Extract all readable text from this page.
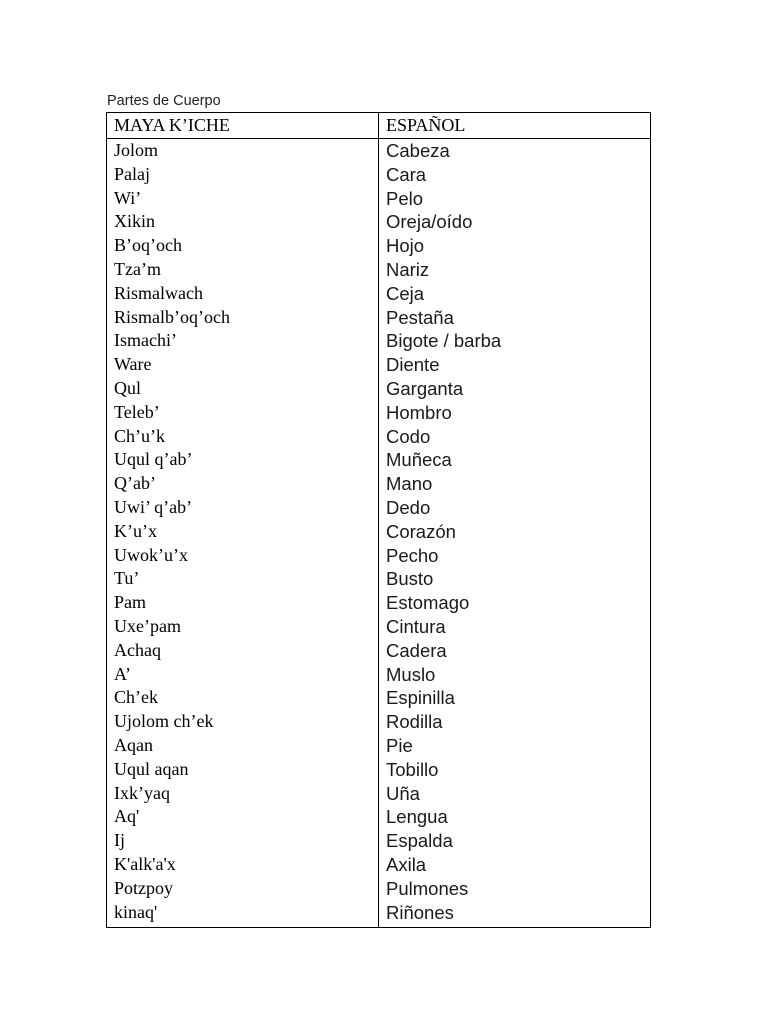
Partes de Cuerpo
MAYA K’ICHE	ESPAÑOL
Jolom	Cabeza
Palaj	Cara
Wi’	Pelo
Xikin	Oreja/oído
B’oq’och	Hojo
Tza’m	Nariz
Rismalwach	Ceja
Rismalb’oq’och	Pestaña
Ismachi’	Bigote / barba
Ware	Diente
Qul	Garganta
Teleb’	Hombro
Ch’u’k	Codo
Uqul q’ab’	Muñeca
Q’ab’	Mano
Uwi’ q’ab’	Dedo
K’u’x	Corazón
Uwok’u’x	Pecho
Tu’	Busto
Pam	Estomago
Uxe’pam	Cintura
Achaq	Cadera
A’	Muslo
Ch’ek	Espinilla
Ujolom ch’ek	Rodilla
Aqan	Pie
Uqul aqan	Tobillo
Ixk’yaq	Uña
Aq'	Lengua
Ij	Espalda
K'alk'a'x	Axila
Potzpoy	Pulmones
kinaq'	Riñones
